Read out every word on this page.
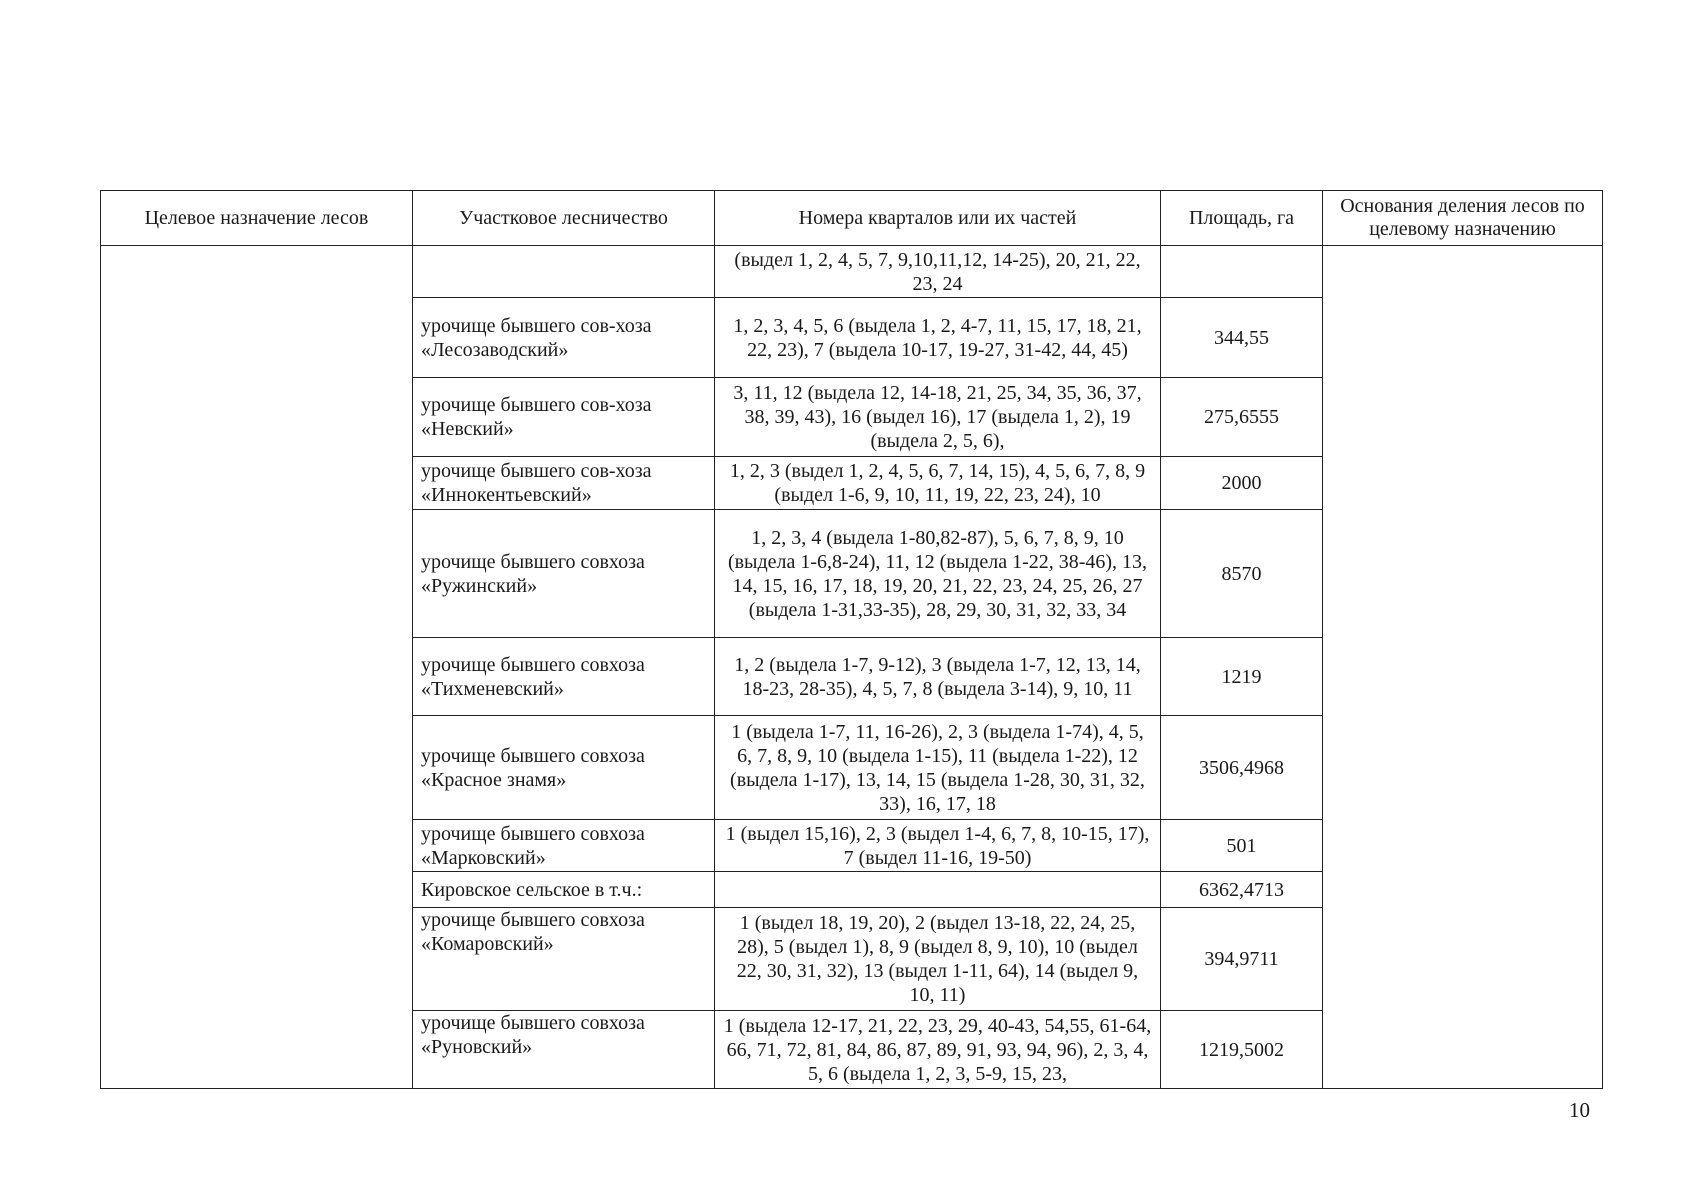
Целевое назначение лесов	Участковое лесничество	Номера кварталов или их частей	Площадь, га	Основания деления лесов по целевому назначению
		(выдел 1, 2, 4, 5, 7, 9,10,11,12, 14-25), 20, 21, 22, 23, 24		
	урочище бывшего сов-хоза «Лесозаводский»	1, 2, 3, 4, 5, 6 (выдела 1, 2, 4-7, 11, 15, 17, 18, 21, 22, 23), 7 (выдела 10-17, 19-27, 31-42, 44, 45)	344,55	
	урочище бывшего сов-хоза «Невский»	3, 11, 12 (выдела 12, 14-18, 21, 25, 34, 35, 36, 37, 38, 39, 43), 16 (выдел 16), 17 (выдела 1, 2), 19 (выдела 2, 5, 6),	275,6555	
	урочище бывшего сов-хоза «Иннокентьевский»	1, 2, 3 (выдел 1, 2, 4, 5, 6, 7, 14, 15), 4, 5, 6, 7, 8, 9 (выдел 1-6, 9, 10, 11, 19, 22, 23, 24), 10	2000	
	урочище бывшего совхоза «Ружинский»	1, 2, 3, 4 (выдела 1-80,82-87), 5, 6, 7, 8, 9, 10 (выдела 1-6,8-24), 11, 12 (выдела 1-22, 38-46), 13, 14, 15, 16, 17, 18, 19, 20, 21, 22, 23, 24, 25, 26, 27 (выдела 1-31,33-35), 28, 29, 30, 31, 32, 33, 34	8570	
	урочище бывшего совхоза «Тихменевский»	1, 2 (выдела 1-7, 9-12), 3 (выдела 1-7, 12, 13, 14, 18-23, 28-35), 4, 5, 7, 8 (выдела 3-14), 9, 10, 11	1219	
	урочище бывшего совхоза «Красное знамя»	1 (выдела 1-7, 11, 16-26), 2, 3 (выдела 1-74), 4, 5, 6, 7, 8, 9, 10 (выдела 1-15), 11 (выдела 1-22), 12 (выдела 1-17), 13, 14, 15 (выдела 1-28, 30, 31, 32, 33), 16, 17, 18	3506,4968	
	урочище бывшего совхоза «Марковский»	1 (выдел 15,16), 2, 3 (выдел 1-4, 6, 7, 8, 10-15, 17), 7 (выдел 11-16, 19-50)	501	
	Кировское сельское в т.ч.:		6362,4713	
	урочище бывшего совхоза «Комаровский»	1 (выдел 18, 19, 20), 2 (выдел 13-18, 22, 24, 25, 28), 5 (выдел 1), 8, 9 (выдел 8, 9, 10), 10 (выдел 22, 30, 31, 32), 13 (выдел 1-11, 64), 14 (выдел 9, 10, 11)	394,9711	
	урочище бывшего совхоза «Руновский»	1 (выдела 12-17, 21, 22, 23, 29, 40-43, 54,55, 61-64, 66, 71, 72, 81, 84, 86, 87, 89, 91, 93, 94, 96), 2, 3, 4, 5, 6 (выдела 1, 2, 3, 5-9, 15, 23,	1219,5002	
10
